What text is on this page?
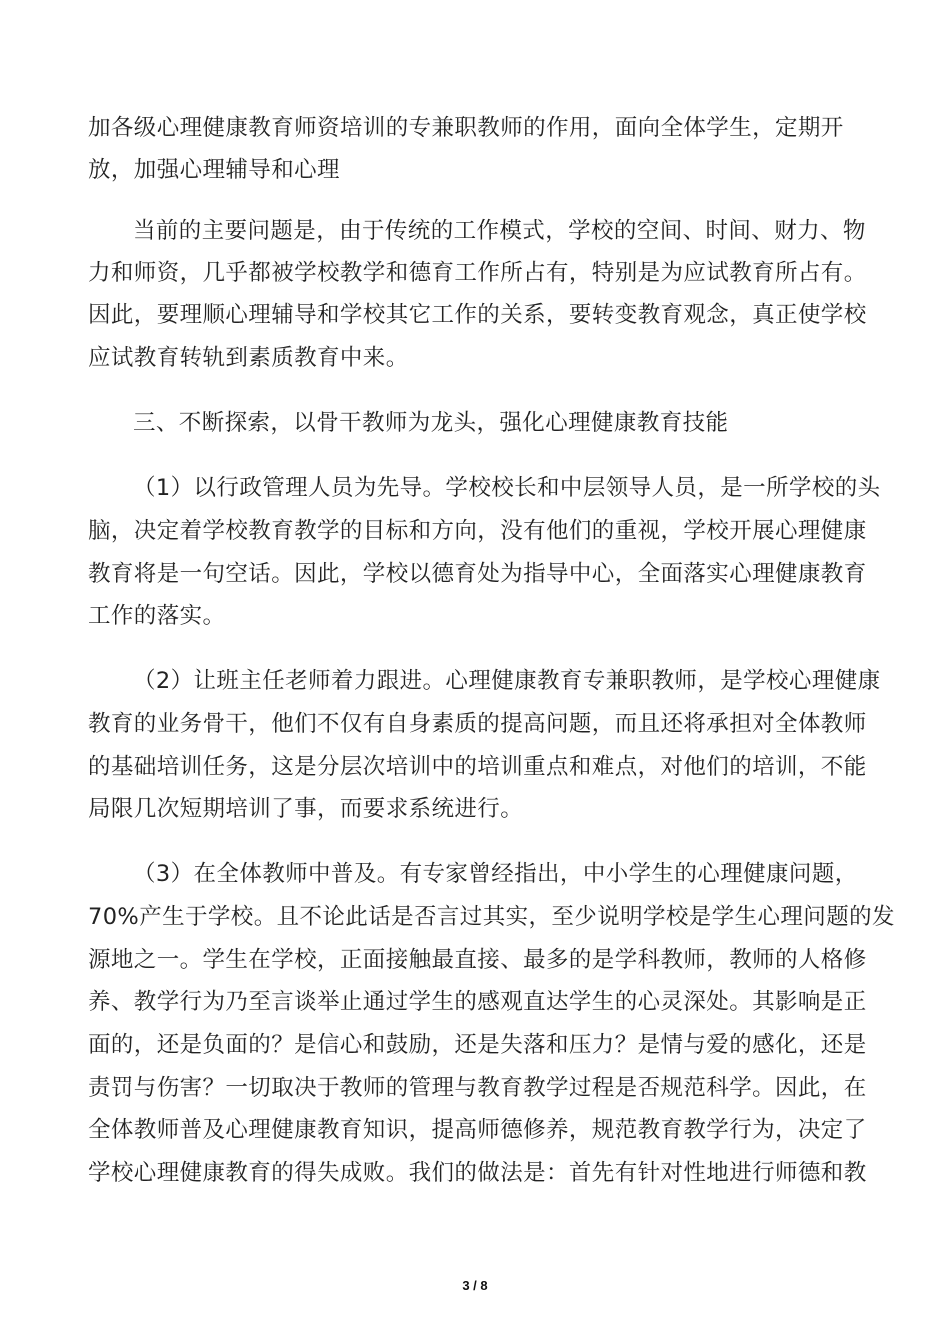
加各级心理健康教育师资培训的专兼职教师的作用，面向全体学生，定期开
放，加强心理辅导和心理
当前的主要问题是，由于传统的工作模式，学校的空间、时间、财力、物
力和师资，几乎都被学校教学和德育工作所占有，特别是为应试教育所占有。
因此，要理顺心理辅导和学校其它工作的关系，要转变教育观念，真正使学校
应试教育转轨到素质教育中来。
三、不断探索，以骨干教师为龙头，强化心理健康教育技能
（1）以行政管理人员为先导。学校校长和中层领导人员，是一所学校的头
脑，决定着学校教育教学的目标和方向，没有他们的重视，学校开展心理健康
教育将是一句空话。因此，学校以德育处为指导中心，全面落实心理健康教育
工作的落实。
（2）让班主任老师着力跟进。心理健康教育专兼职教师，是学校心理健康
教育的业务骨干，他们不仅有自身素质的提高问题，而且还将承担对全体教师
的基础培训任务，这是分层次培训中的培训重点和难点，对他们的培训，不能
局限几次短期培训了事，而要求系统进行。
（3）在全体教师中普及。有专家曾经指出，中小学生的心理健康问题，
70%产生于学校。且不论此话是否言过其实，至少说明学校是学生心理问题的发
源地之一。学生在学校，正面接触最直接、最多的是学科教师，教师的人格修
养、教学行为乃至言谈举止通过学生的感观直达学生的心灵深处。其影响是正
面的，还是负面的？是信心和鼓励，还是失落和压力？是情与爱的感化，还是
责罚与伤害？一切取决于教师的管理与教育教学过程是否规范科学。因此，在
全体教师普及心理健康教育知识，提高师德修养，规范教育教学行为，决定了
学校心理健康教育的得失成败。我们的做法是：首先有针对性地进行师德和教
3 / 8
